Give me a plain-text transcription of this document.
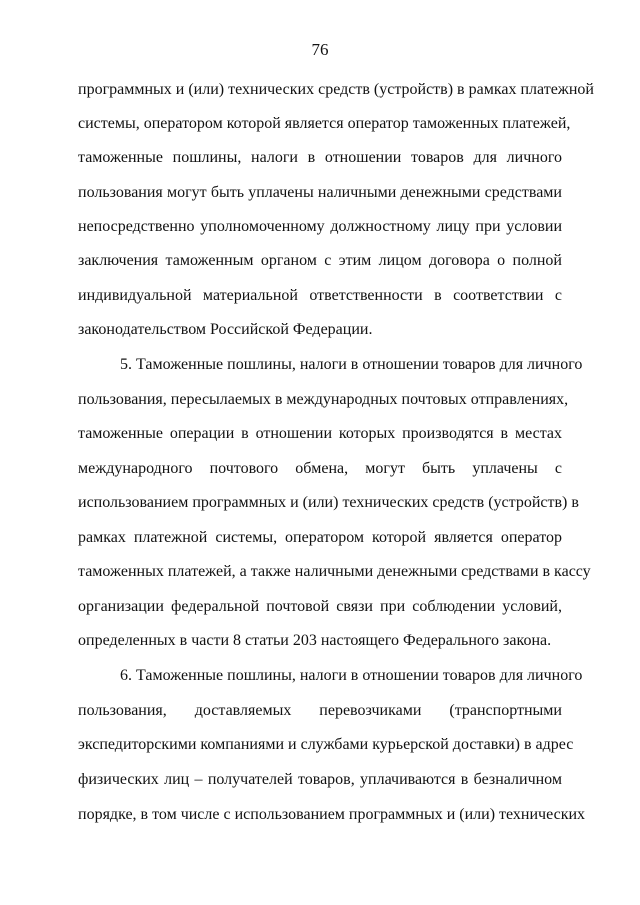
76
программных и (или) технических средств (устройств) в рамках платежной
системы, оператором которой является оператор таможенных платежей,
таможенные пошлины, налоги в отношении товаров для личного
пользования могут быть уплачены наличными денежными средствами
непосредственно уполномоченному должностному лицу при условии
заключения таможенным органом с этим лицом договора о полной
индивидуальной материальной ответственности в соответствии с
законодательством Российской Федерации.
5. Таможенные пошлины, налоги в отношении товаров для личного
пользования, пересылаемых в международных почтовых отправлениях,
таможенные операции в отношении которых производятся в местах
международного почтового обмена, могут быть уплачены с
использованием программных и (или) технических средств (устройств) в
рамках платежной системы, оператором которой является оператор
таможенных платежей, а также наличными денежными средствами в кассу
организации федеральной почтовой связи при соблюдении условий,
определенных в части 8 статьи 203 настоящего Федерального закона.
6. Таможенные пошлины, налоги в отношении товаров для личного
пользования, доставляемых перевозчиками (транспортными
экспедиторскими компаниями и службами курьерской доставки) в адрес
физических лиц – получателей товаров, уплачиваются в безналичном
порядке, в том числе с использованием программных и (или) технических
